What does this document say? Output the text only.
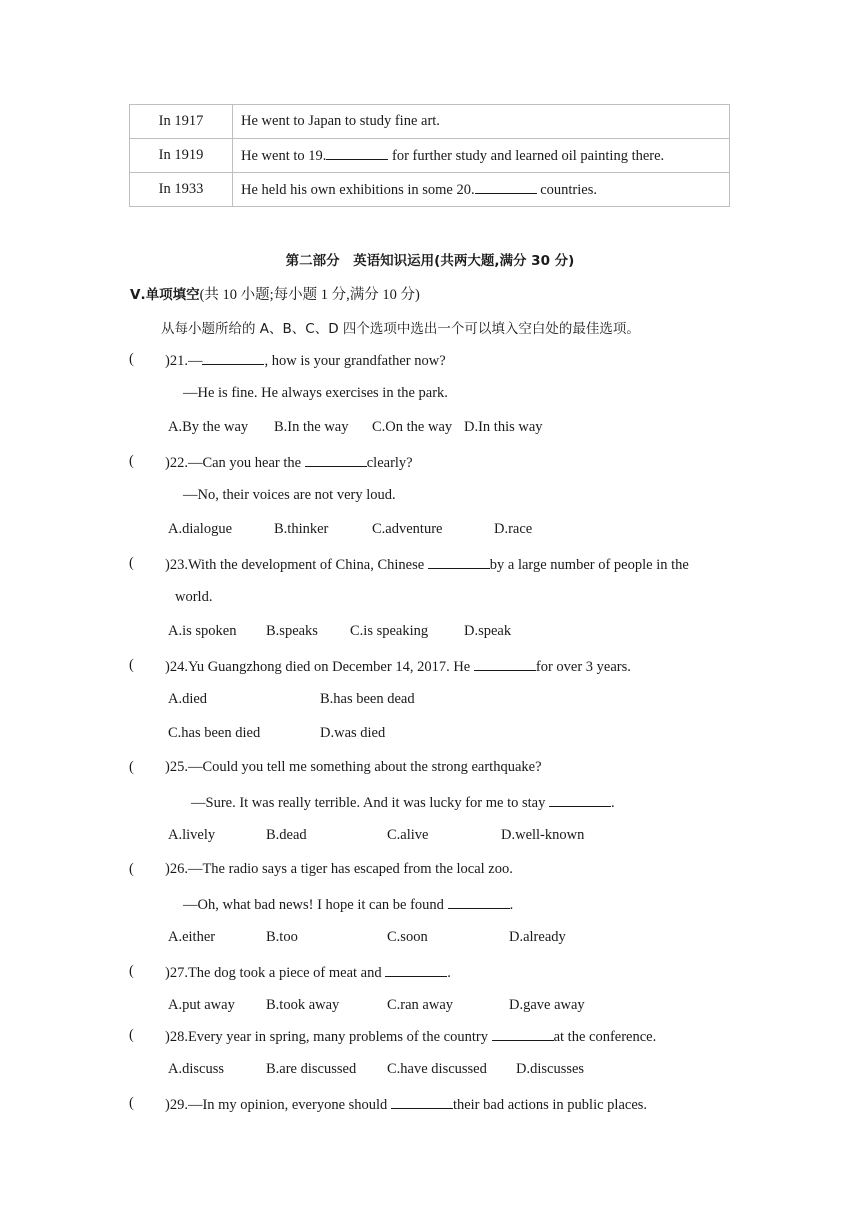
In 1917	He went to Japan to study fine art.
In 1919	He went to 19. for further study and learned oil painting there.
In 1933	He held his own exhibitions in some 20. countries.
第二部分　英语知识运用(共两大题,满分 30 分)
Ⅴ.单项填空(共 10 小题;每小题 1 分,满分 10 分)
从每小题所给的 A、B、C、D 四个选项中选出一个可以填入空白处的最佳选项。
( )21.—	, how is your grandfather now?
—He is fine. He always exercises in the park.
A.By the way B.In the way C.On the way D.In this way
( )22.—Can you hear the	clearly?
—No, their voices are not very loud.
A.dialogue	B.thinker	C.adventure	D.race
( )23.With the development of China, Chinese	by a large number of people in the
world.
A.is spoken B.speaks C.is speaking D.speak
( )24.Yu Guangzhong died on December 14, 2017. He	for over 3 years.
A.died	B.has been dead
C.has been died	D.was died
( )25.—Could you tell me something about the strong earthquake?
—Sure. It was really terrible. And it was lucky for me to stay	.
A.lively	B.dead	C.alive	D.well-known
( )26.—The radio says a tiger has escaped from the local zoo.
—Oh, what bad news! I hope it can be found	.
A.either	B.too	C.soon	D.already
( )27.The dog took a piece of meat and	.
A.put away B.took away	C.ran away	D.gave away
( )28.Every year in spring, many problems of the country	at the conference.
A.discuss	B.are discussed C.have discussed D.discusses
( )29.—In my opinion, everyone should	their bad actions in public places.
